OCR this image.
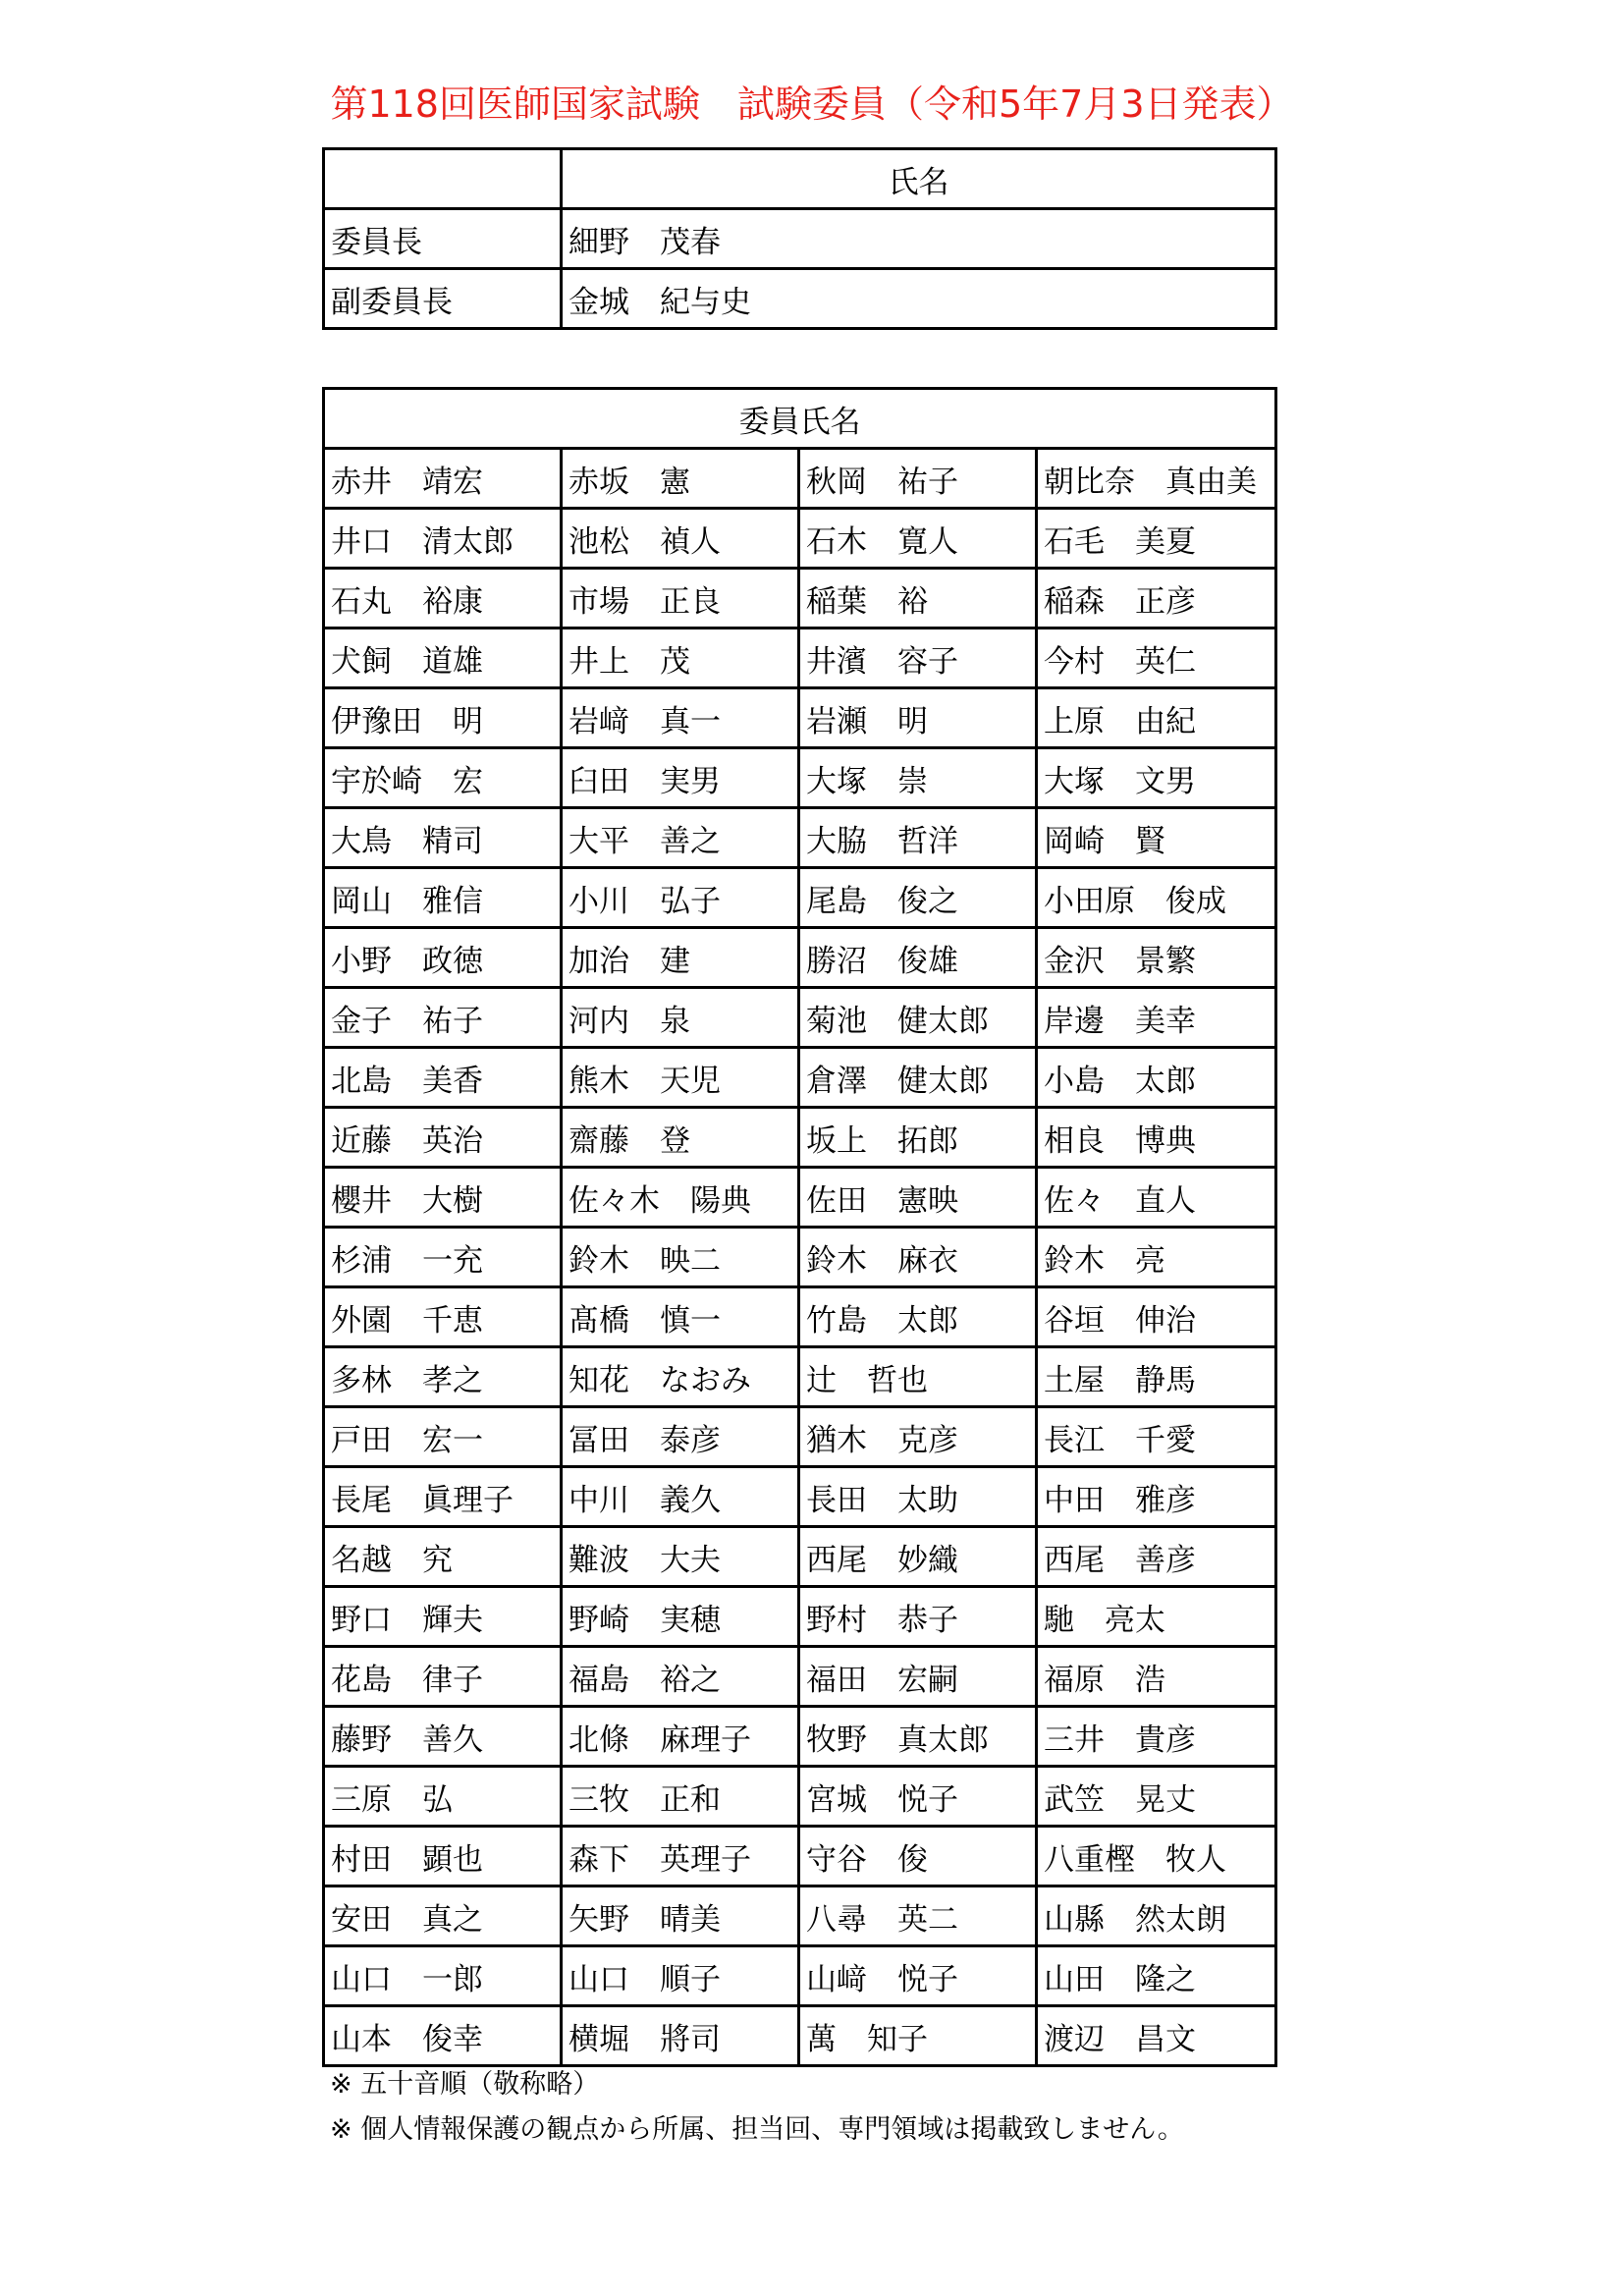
第118回医師国家試験　試験委員（令和5年7月3日発表）
	氏名
委員長	細野　茂春
副委員長	金城　紀与史
委員氏名			
赤井　靖宏	赤坂　憲	秋岡　祐子	朝比奈　真由美
井口　清太郎	池松　禎人	石木　寛人	石毛　美夏
石丸　裕康	市場　正良	稲葉　裕	稲森　正彦
犬飼　道雄	井上　茂	井濱　容子	今村　英仁
伊豫田　明	岩﨑　真一	岩瀬　明	上原　由紀
宇於崎　宏	臼田　実男	大塚　崇	大塚　文男
大鳥　精司	大平　善之	大脇　哲洋	岡崎　賢
岡山　雅信	小川　弘子	尾島　俊之	小田原　俊成
小野　政徳	加治　建	勝沼　俊雄	金沢　景繁
金子　祐子	河内　泉	菊池　健太郎	岸邊　美幸
北島　美香	熊木　天児	倉澤　健太郎	小島　太郎
近藤　英治	齋藤　登	坂上　拓郎	相良　博典
櫻井　大樹	佐々木　陽典	佐田　憲映	佐々　直人
杉浦　一充	鈴木　映二	鈴木　麻衣	鈴木　亮
外園　千恵	髙橋　慎一	竹島　太郎	谷垣　伸治
多林　孝之	知花　なおみ	辻　哲也	土屋　静馬
戸田　宏一	冨田　泰彦	猶木　克彦	長江　千愛
長尾　眞理子	中川　義久	長田　太助	中田　雅彦
名越　究	難波　大夫	西尾　妙織	西尾　善彦
野口　輝夫	野崎　実穂	野村　恭子	馳　亮太
花島　律子	福島　裕之	福田　宏嗣	福原　浩
藤野　善久	北條　麻理子	牧野　真太郎	三井　貴彦
三原　弘	三牧　正和	宮城　悦子	武笠　晃丈
村田　顕也	森下　英理子	守谷　俊	八重樫　牧人
安田　真之	矢野　晴美	八尋　英二	山縣　然太朗
山口　一郎	山口　順子	山﨑　悦子	山田　隆之
山本　俊幸	横堀　將司	萬　知子	渡辺　昌文
※ 五十音順（敬称略）
※ 個人情報保護の観点から所属、担当回、専門領域は掲載致しません。
